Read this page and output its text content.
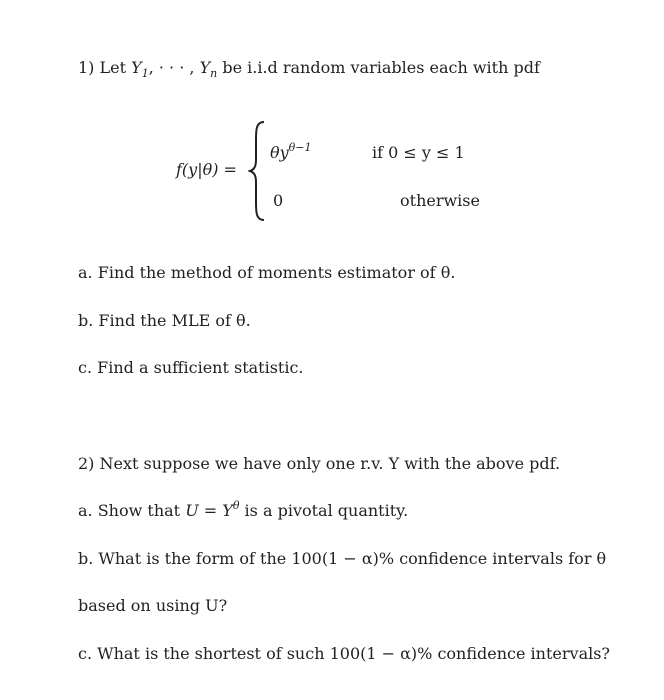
1) Let $Y_1$, · · · , $Y_n$ be i.i.d random variables each with pdf
f(y|θ) =
$\theta y^{\theta-1}$	if 0 ≤ y ≤ 1
0	otherwise
a. Find the method of moments estimator of θ.
b. Find the MLE of θ.
c. Find a sufficient statistic.
2) Next suppose we have only one r.v. Y with the above pdf.
a. Show that $U = Y^\theta$ is a pivotal quantity.
b. What is the form of the 100(1 − α)% confidence intervals for θ
based on using U?
c. What is the shortest of such 100(1 − α)% confidence intervals?
